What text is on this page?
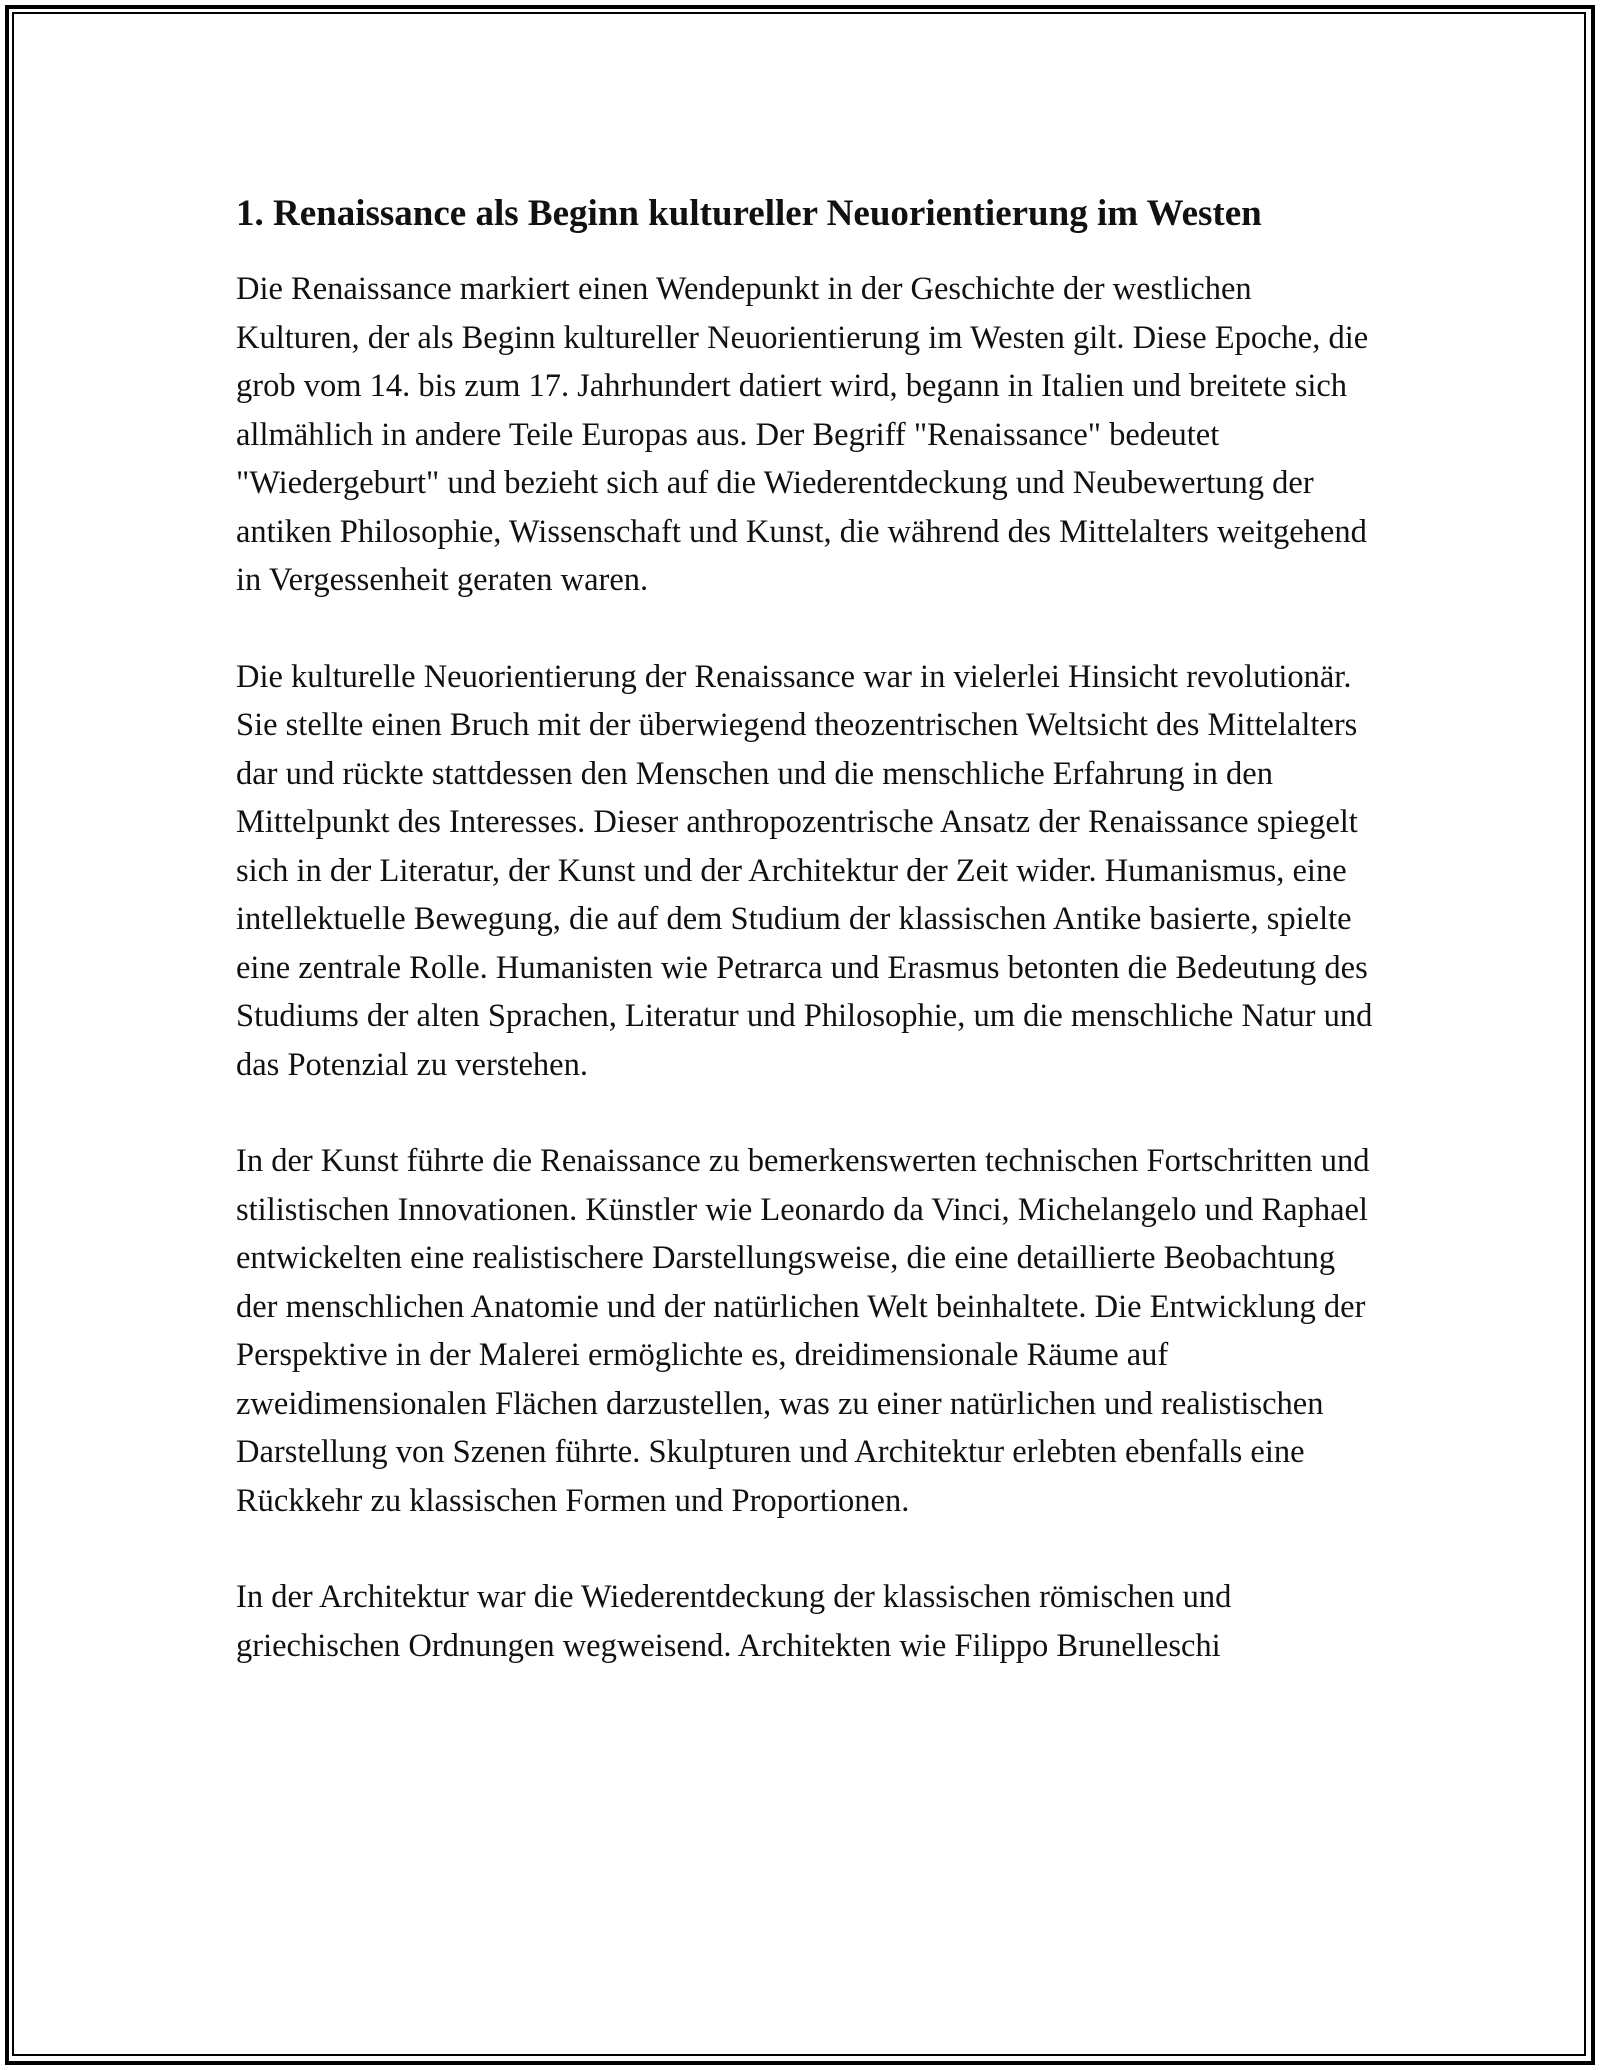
1. Renaissance als Beginn kultureller Neuorientierung im Westen

Die Renaissance markiert einen Wendepunkt in der Geschichte der westlichen Kulturen, der als Beginn kultureller Neuorientierung im Westen gilt. Diese Epoche, die grob vom 14. bis zum 17. Jahrhundert datiert wird, begann in Italien und breitete sich allmählich in andere Teile Europas aus. Der Begriff "Renaissance" bedeutet "Wiedergeburt" und bezieht sich auf die Wiederentdeckung und Neubewertung der antiken Philosophie, Wissenschaft und Kunst, die während des Mittelalters weitgehend in Vergessenheit geraten waren.

Die kulturelle Neuorientierung der Renaissance war in vielerlei Hinsicht revolutionär. Sie stellte einen Bruch mit der überwiegend theozentrischen Weltsicht des Mittelalters dar und rückte stattdessen den Menschen und die menschliche Erfahrung in den Mittelpunkt des Interesses. Dieser anthropozentrische Ansatz der Renaissance spiegelt sich in der Literatur, der Kunst und der Architektur der Zeit wider. Humanismus, eine intellektuelle Bewegung, die auf dem Studium der klassischen Antike basierte, spielte eine zentrale Rolle. Humanisten wie Petrarca und Erasmus betonten die Bedeutung des Studiums der alten Sprachen, Literatur und Philosophie, um die menschliche Natur und das Potenzial zu verstehen.

In der Kunst führte die Renaissance zu bemerkenswerten technischen Fortschritten und stilistischen Innovationen. Künstler wie Leonardo da Vinci, Michelangelo und Raphael entwickelten eine realistischere Darstellungsweise, die eine detaillierte Beobachtung der menschlichen Anatomie und der natürlichen Welt beinhaltete. Die Entwicklung der Perspektive in der Malerei ermöglichte es, dreidimensionale Räume auf zweidimensionalen Flächen darzustellen, was zu einer natürlichen und realistischen Darstellung von Szenen führte. Skulpturen und Architektur erlebten ebenfalls eine Rückkehr zu klassischen Formen und Proportionen.

In der Architektur war die Wiederentdeckung der klassischen römischen und griechischen Ordnungen wegweisend. Architekten wie Filippo Brunelleschi
